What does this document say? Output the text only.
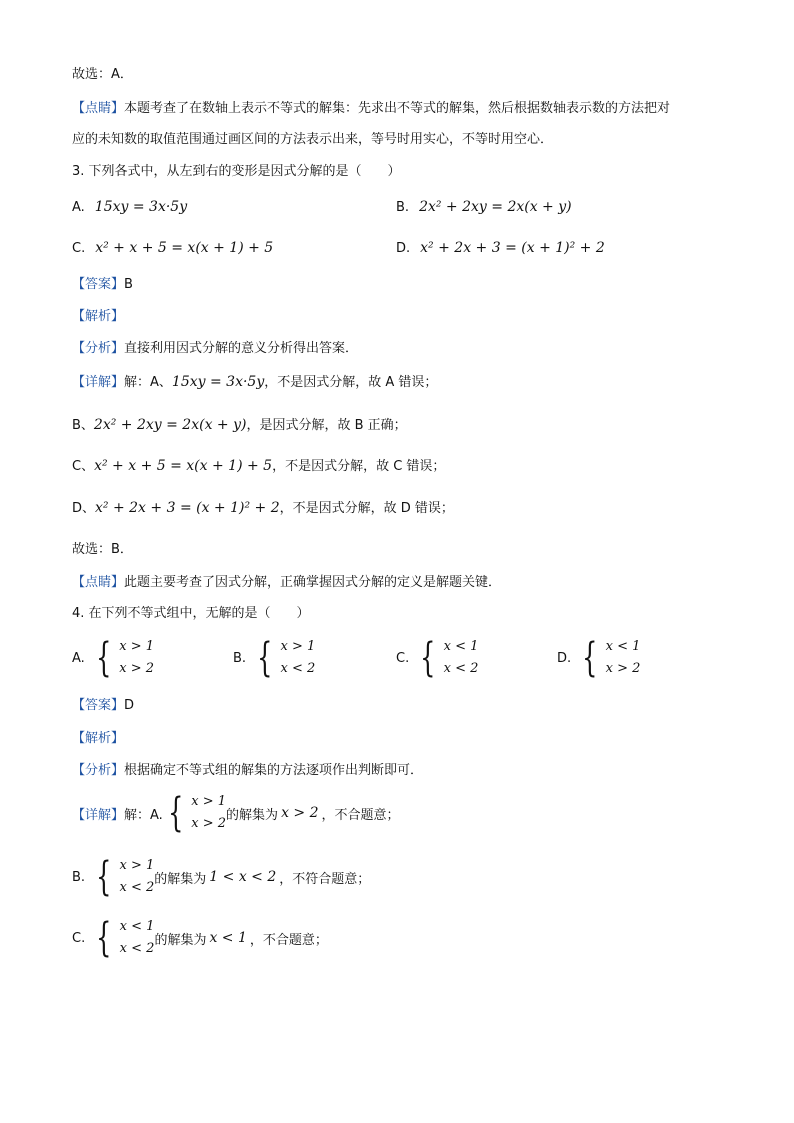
故选：A．
【点睛】本题考查了在数轴上表示不等式的解集：先求出不等式的解集，然后根据数轴表示数的方法把对
应的未知数的取值范围通过画区间的方法表示出来，等号时用实心，不等时用空心．
3. 下列各式中，从左到右的变形是因式分解的是（　　）
A. 15xy = 3x·5y	B. 2x² + 2xy = 2x(x + y)
C. x² + x + 5 = x(x + 1) + 5	D. x² + 2x + 3 = (x + 1)² + 2
【答案】B
【解析】
【分析】直接利用因式分解的意义分析得出答案．
【详解】解：A、15xy = 3x·5y，不是因式分解，故 A 错误；
B、2x² + 2xy = 2x(x + y)，是因式分解，故 B 正确；
C、x² + x + 5 = x(x + 1) + 5，不是因式分解，故 C 错误；
D、x² + 2x + 3 = (x + 1)² + 2，不是因式分解，故 D 错误；
故选：B．
【点睛】此题主要考查了因式分解，正确掌握因式分解的定义是解题关键．
4. 在下列不等式组中，无解的是（　　）
A. { x > 1
x > 2
B. { x > 1
x < 2
C. { x < 1
x < 2
D. { x < 1
x > 2
【答案】D
【解析】
【分析】根据确定不等式组的解集的方法逐项作出判断即可．
【详解】 解：A. { x > 1
x > 2
的解集为 x > 2 ，不合题意；
B. { x > 1
x < 2
的解集为 1 < x < 2 ，不符合题意；
C. { x < 1
x < 2
的解集为 x < 1 ，不合题意；
